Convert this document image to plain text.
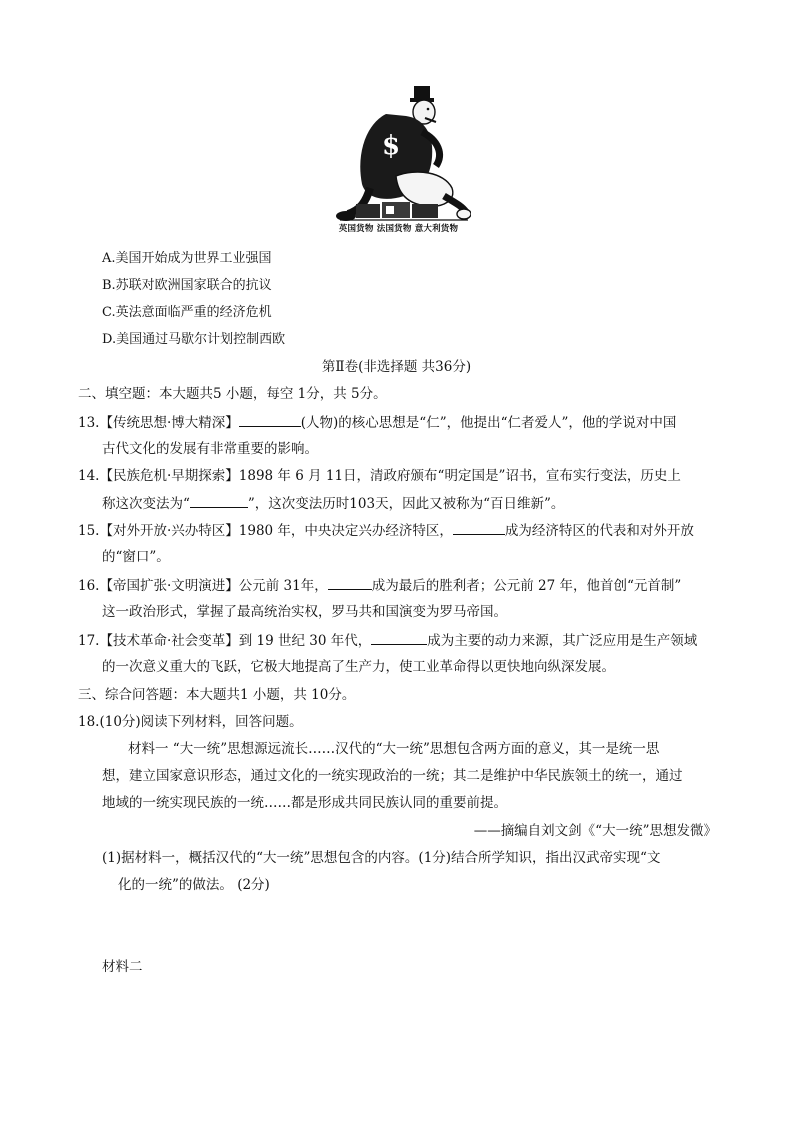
$
英国货物 法国货物 意大利货物
A.美国开始成为世界工业强国
B.苏联对欧洲国家联合的抗议
C.英法意面临严重的经济危机
D.美国通过马歇尔计划控制西欧
第Ⅱ卷(非选择题 共36分)
二、填空题：本大题共5 小题，每空 1分，共 5分。
13.【传统思想·博大精深】	(人物)的核心思想是“仁”，他提出“仁者爱人”，他的学说对中国
古代文化的发展有非常重要的影响。
14.【民族危机·早期探索】1898 年 6 月 11日，清政府颁布“明定国是”诏书，宣布实行变法，历史上
称这次变法为“	”，这次变法历时103天，因此又被称为“百日维新”。
15.【对外开放·兴办特区】1980 年，中央决定兴办经济特区，	成为经济特区的代表和对外开放
的“窗口”。
16.【帝国扩张·文明演进】公元前 31年，	成为最后的胜利者；公元前 27 年，他首创“元首制”
这一政治形式，掌握了最高统治实权，罗马共和国演变为罗马帝国。
17.【技术革命·社会变革】到 19 世纪 30 年代，	成为主要的动力来源，其广泛应用是生产领域
的一次意义重大的飞跃，它极大地提高了生产力，使工业革命得以更快地向纵深发展。
三、综合问答题：本大题共1 小题，共 10分。
18.(10分)阅读下列材料，回答问题。
材料一 “大一统”思想源远流长……汉代的“大一统”思想包含两方面的意义，其一是统一思
想，建立国家意识形态，通过文化的一统实现政治的一统；其二是维护中华民族领土的统一，通过
地域的一统实现民族的一统……都是形成共同民族认同的重要前提。
——摘编自刘文剑《“大一统”思想发微》
(1)据材料一，概括汉代的“大一统”思想包含的内容。(1分)结合所学知识，指出汉武帝实现“文
化的一统”的做法。 (2分)
材料二
